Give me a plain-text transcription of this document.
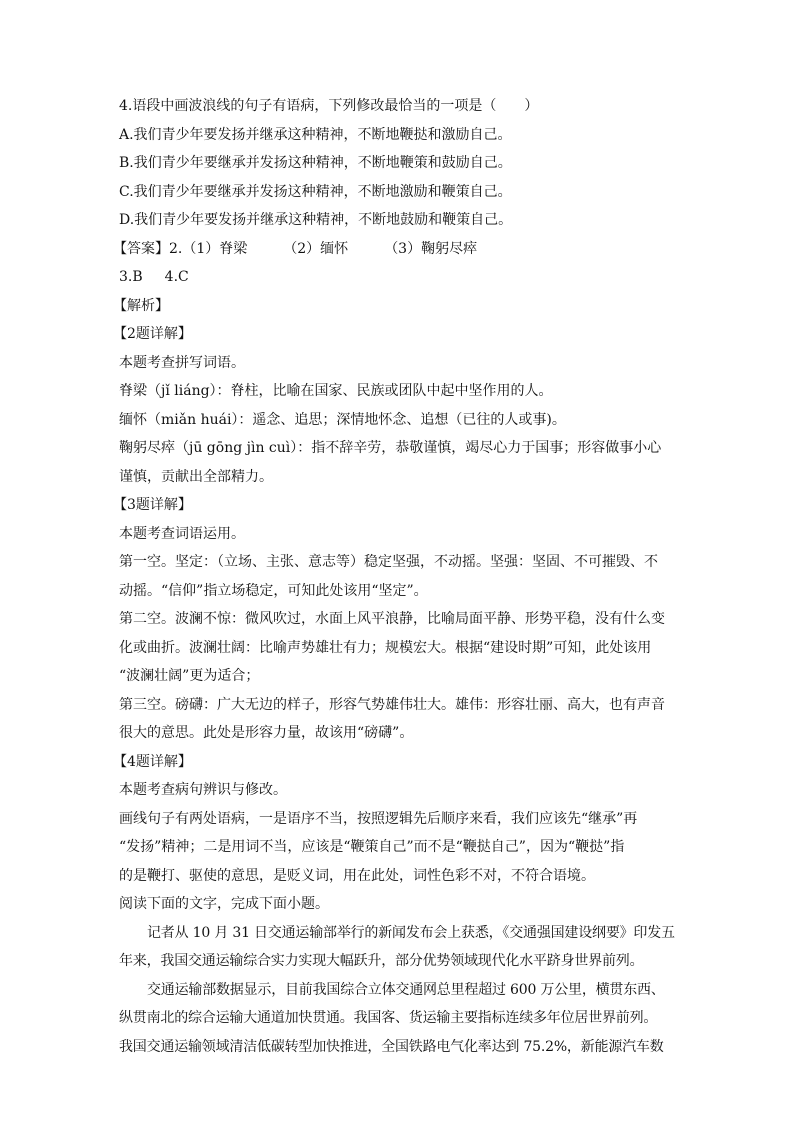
4.语段中画波浪线的句子有语病，下列修改最恰当的一项是（　　）
A.我们青少年要发扬并继承这种精神，不断地鞭挞和激励自己。
B.我们青少年要继承并发扬这种精神，不断地鞭策和鼓励自己。
C.我们青少年要继承并发扬这种精神，不断地激励和鞭策自己。
D.我们青少年要发扬并继承这种精神，不断地鼓励和鞭策自己。
【答案】2.（1）脊梁	（2）缅怀	（3）鞠躬尽瘁
3.B 4.C
【解析】
【2题详解】
本题考查拼写词语。
脊梁（jǐ liáng）：脊柱，比喻在国家、民族或团队中起中坚作用的人。
缅怀（miǎn huái）：遥念、追思；深情地怀念、追想（已往的人或事)。
鞠躬尽瘁（jū gōng jìn cuì）：指不辞辛劳，恭敬谨慎，竭尽心力于国事；形容做事小心
谨慎，贡献出全部精力。
【3题详解】
本题考查词语运用。
第一空。坚定：（立场、主张、意志等）稳定坚强，不动摇。坚强：坚固、不可摧毁、不
动摇。“信仰”指立场稳定，可知此处该用“坚定”。
第二空。波澜不惊：微风吹过，水面上风平浪静，比喻局面平静、形势平稳，没有什么变
化或曲折。波澜壮阔：比喻声势雄壮有力；规模宏大。根据“建设时期”可知，此处该用
“波澜壮阔”更为适合；
第三空。磅礴：广大无边的样子，形容气势雄伟壮大。雄伟：形容壮丽、高大，也有声音
很大的意思。此处是形容力量，故该用“磅礴”。
【4题详解】
本题考查病句辨识与修改。
画线句子有两处语病，一是语序不当，按照逻辑先后顺序来看，我们应该先“继承”再
“发扬”精神；二是用词不当，应该是“鞭策自己”而不是“鞭挞自己”，因为“鞭挞”指
的是鞭打、驱使的意思，是贬义词，用在此处，词性色彩不对，不符合语境。
阅读下面的文字，完成下面小题。
记者从 10 月 31 日交通运输部举行的新闻发布会上获悉，《交通强国建设纲要》印发五
年来，我国交通运输综合实力实现大幅跃升，部分优势领域现代化水平跻身世界前列。
交通运输部数据显示，目前我国综合立体交通网总里程超过 600 万公里，横贯东西、
纵贯南北的综合运输大通道加快贯通。我国客、货运输主要指标连续多年位居世界前列。
我国交通运输领域清洁低碳转型加快推进，全国铁路电气化率达到 75.2%，新能源汽车数
